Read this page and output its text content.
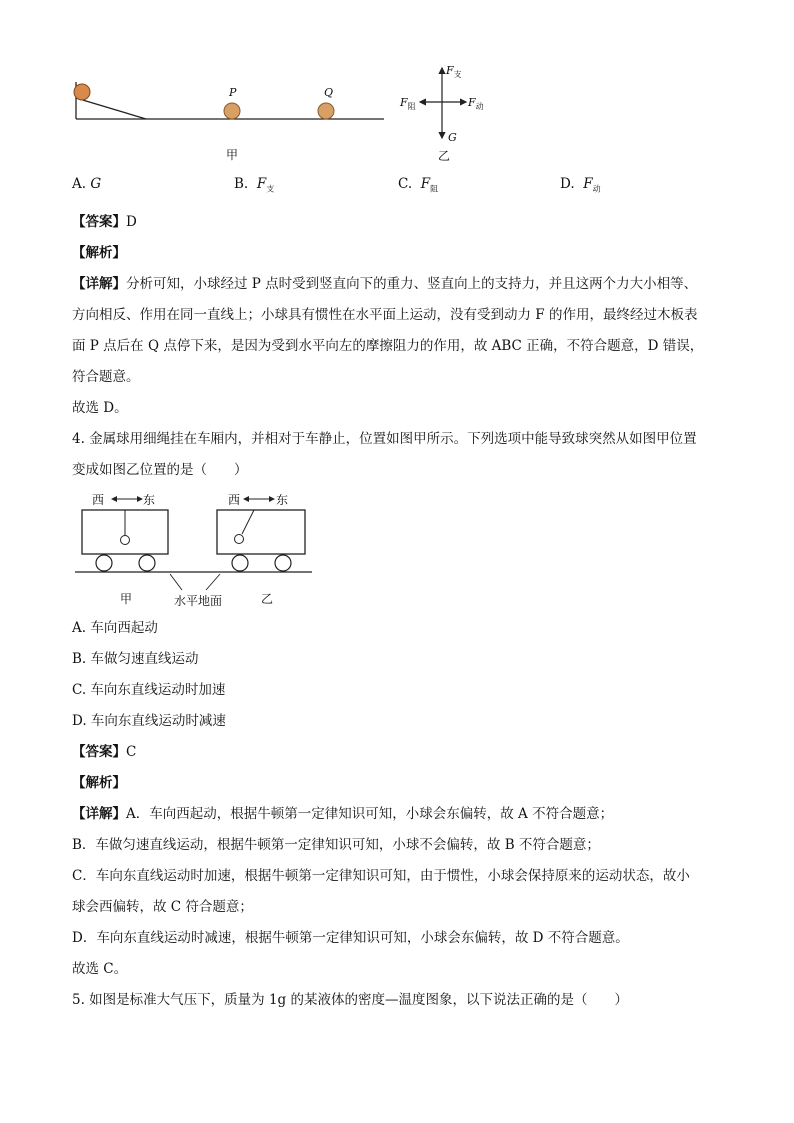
P	Q
甲
$F_支$
$F_阻$	$F_动$
G
乙
A. G	B. $F_支$	C. $F_阻$	D. $F_动$
【答案】D
【解析】
【详解】分析可知，小球经过 P 点时受到竖直向下的重力、竖直向上的支持力，并且这两个力大小相等、
方向相反、作用在同一直线上；小球具有惯性在水平面上运动，没有受到动力 F 的作用，最终经过木板表
面 P 点后在 Q 点停下来，是因为受到水平向左的摩擦阻力的作用，故 ABC 正确，不符合题意，D 错误，
符合题意。
故选 D。
4. 金属球用细绳挂在车厢内，并相对于车静止，位置如图甲所示。下列选项中能导致球突然从如图甲位置
变成如图乙位置的是（　　）
西	东	西	东
甲	水平地面	乙
A. 车向西起动
B. 车做匀速直线运动
C. 车向东直线运动时加速
D. 车向东直线运动时减速
【答案】C
【解析】
【详解】A．车向西起动，根据牛顿第一定律知识可知，小球会东偏转，故 A 不符合题意；
B．车做匀速直线运动，根据牛顿第一定律知识可知，小球不会偏转，故 B 不符合题意；
C．车向东直线运动时加速，根据牛顿第一定律知识可知，由于惯性，小球会保持原来的运动状态，故小
球会西偏转，故 C 符合题意；
D．车向东直线运动时减速，根据牛顿第一定律知识可知，小球会东偏转，故 D 不符合题意。
故选 C。
5. 如图是标准大气压下，质量为 1g 的某液体的密度—温度图象，以下说法正确的是（　　）
